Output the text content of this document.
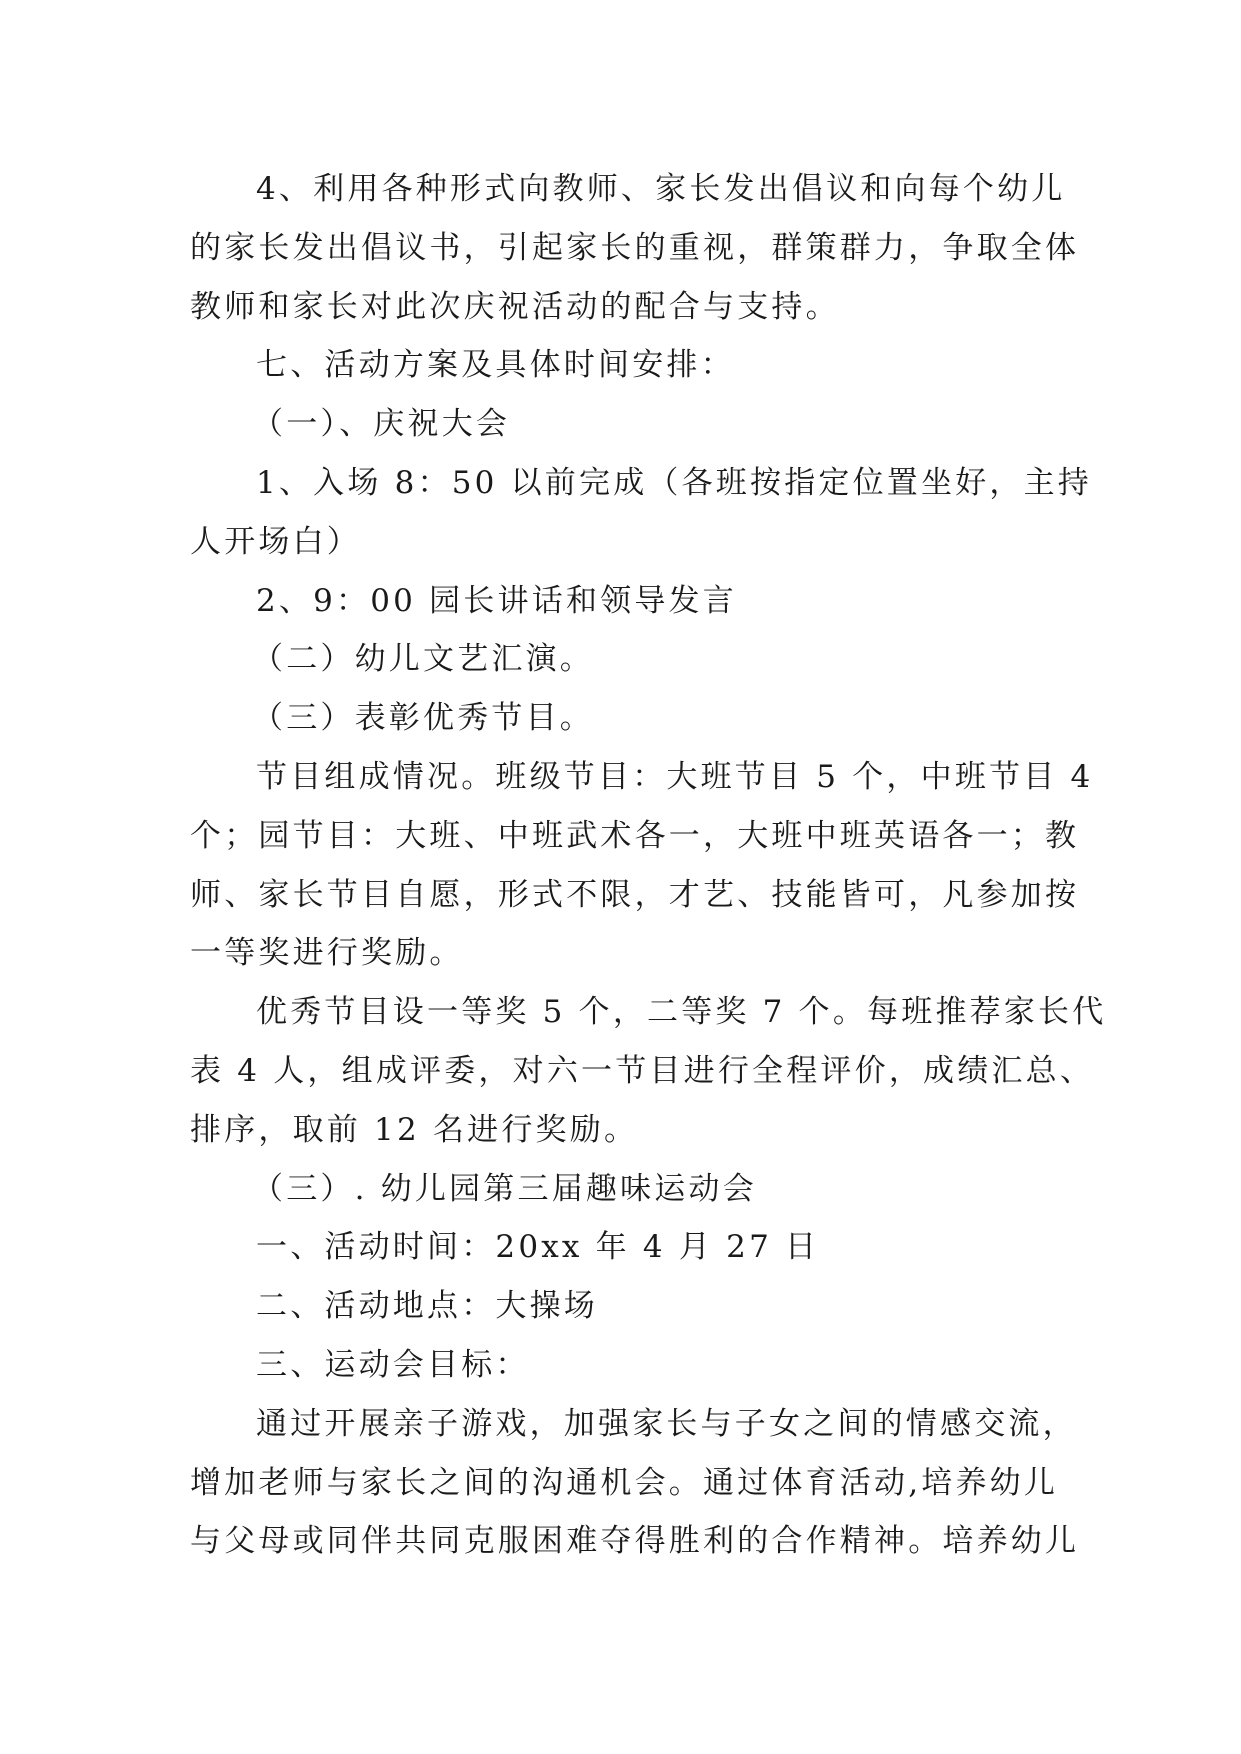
4、利用各种形式向教师、家长发出倡议和向每个幼儿
的家长发出倡议书，引起家长的重视，群策群力，争取全体
教师和家长对此次庆祝活动的配合与支持。
七、活动方案及具体时间安排：
（一）、庆祝大会
1、入场 8：50 以前完成（各班按指定位置坐好，主持
人开场白）
2、9：00 园长讲话和领导发言
（二）幼儿文艺汇演。
（三）表彰优秀节目。
节目组成情况。班级节目：大班节目 5 个，中班节目 4
个；园节目：大班、中班武术各一，大班中班英语各一；教
师、家长节目自愿，形式不限，才艺、技能皆可，凡参加按
一等奖进行奖励。
优秀节目设一等奖 5 个，二等奖 7 个。每班推荐家长代
表 4 人，组成评委，对六一节目进行全程评价，成绩汇总、
排序，取前 12 名进行奖励。
（三）. 幼儿园第三届趣味运动会
一、活动时间：20xx 年 4 月 27 日
二、活动地点：大操场
三、运动会目标：
通过开展亲子游戏，加强家长与子女之间的情感交流，
增加老师与家长之间的沟通机会。通过体育活动,培养幼儿
与父母或同伴共同克服困难夺得胜利的合作精神。培养幼儿
